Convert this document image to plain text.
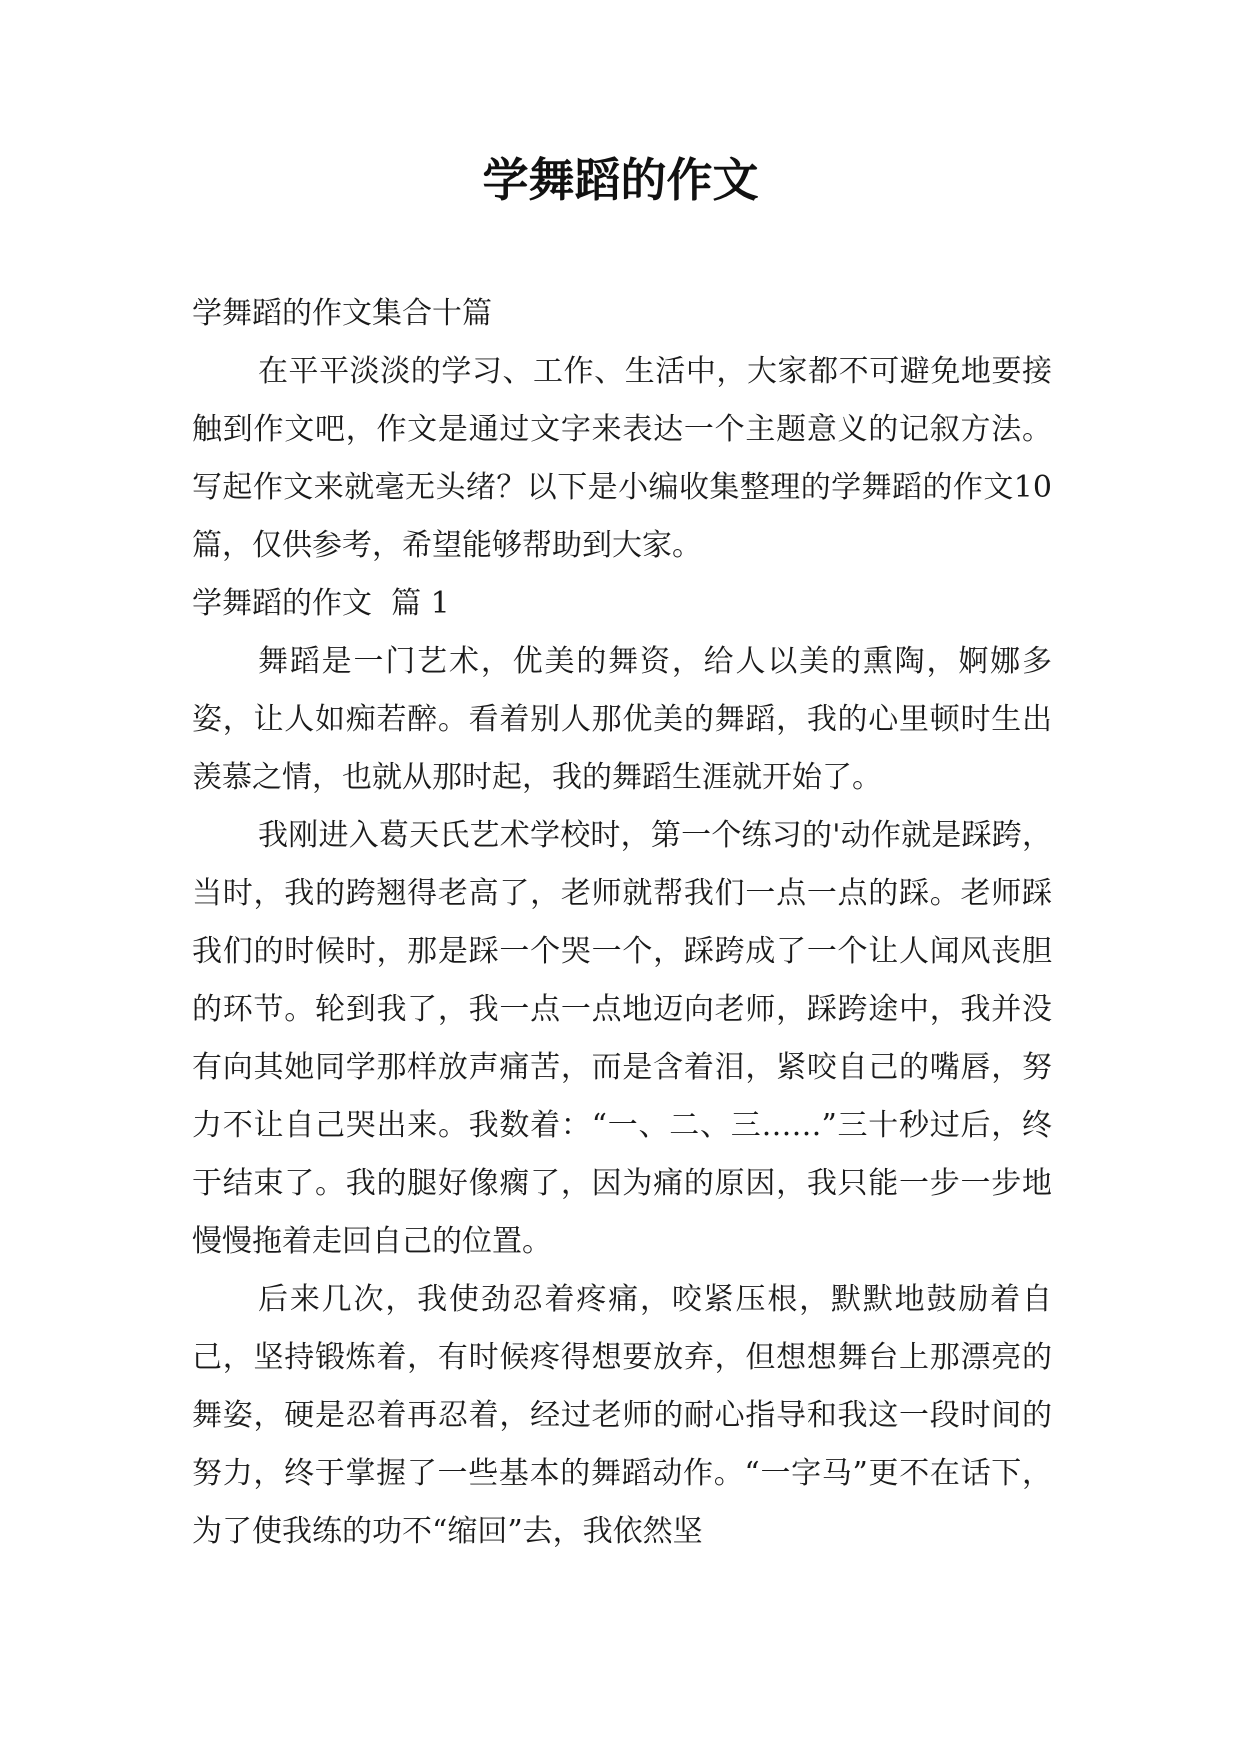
学舞蹈的作文

学舞蹈的作文集合十篇

在平平淡淡的学习、工作、生活中，大家都不可避免地要接触到作文吧，作文是通过文字来表达一个主题意义的记叙方法。写起作文来就毫无头绪？以下是小编收集整理的学舞蹈的作文10篇，仅供参考，希望能够帮助到大家。

学舞蹈的作文  篇 1

舞蹈是一门艺术，优美的舞资，给人以美的熏陶，婀娜多姿，让人如痴若醉。看着别人那优美的舞蹈，我的心里顿时生出羡慕之情，也就从那时起，我的舞蹈生涯就开始了。

我刚进入葛天氏艺术学校时，第一个练习的'动作就是踩跨，当时，我的跨翘得老高了，老师就帮我们一点一点的踩。老师踩我们的时候时，那是踩一个哭一个，踩跨成了一个让人闻风丧胆的环节。轮到我了，我一点一点地迈向老师，踩跨途中，我并没有向其她同学那样放声痛苦，而是含着泪，紧咬自己的嘴唇，努力不让自己哭出来。我数着：“一、二、三……”三十秒过后，终于结束了。我的腿好像瘸了，因为痛的原因，我只能一步一步地慢慢拖着走回自己的位置。

后来几次，我使劲忍着疼痛，咬紧压根，默默地鼓励着自己，坚持锻炼着，有时候疼得想要放弃，但想想舞台上那漂亮的舞姿，硬是忍着再忍着，经过老师的耐心指导和我这一段时间的努力，终于掌握了一些基本的舞蹈动作。“一字马”更不在话下，为了使我练的功不“缩回”去，我依然坚
